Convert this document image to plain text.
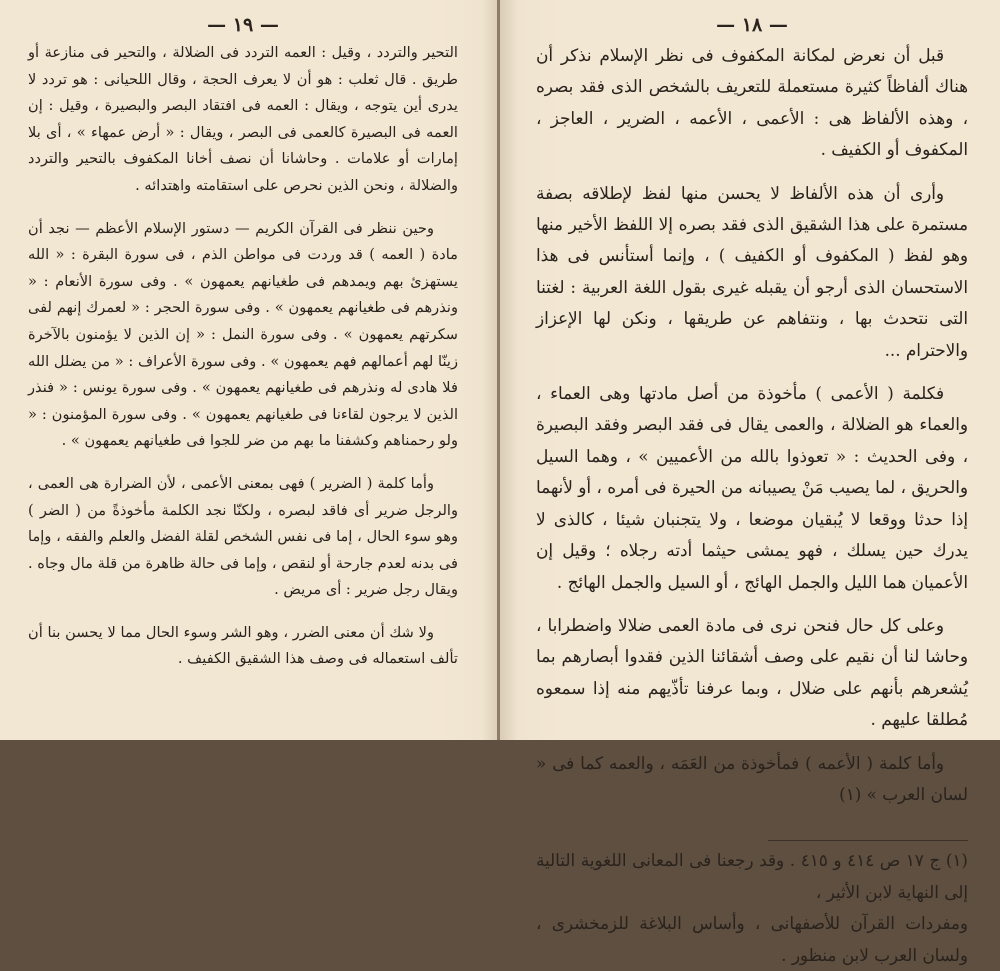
— ١٩ —

التحير والتردد ، وقيل : العمه التردد فى الضلالة ، والتحير فى منازعة أو طريق . قال ثعلب : هو أن لا يعرف الحجة ، وقال اللحيانى : هو تردد لا يدرى أين يتوجه ، ويقال : العمه فى افتقاد البصر والبصيرة ، وقيل : إن العمه فى البصيرة كالعمى فى البصر ، ويقال : « أرض عمهاء » ، أى بلا إمارات أو علامات . وحاشانا أن نصف أخانا المكفوف بالتحير والتردد والضلالة ، ونحن الذين نحرص على استقامته واهتدائه .

وحين ننظر فى القرآن الكريم — دستور الإسلام الأعظم — نجد أن مادة ( العمه ) قد وردت فى مواطن الذم ، فى سورة البقرة : « الله يستهزئ بهم ويمدهم فى طغيانهم يعمهون » . وفى سورة الأنعام : « ونذرهم فى طغيانهم يعمهون » . وفى سورة الحجر : « لعمرك إنهم لفى سكرتهم يعمهون » . وفى سورة النمل : « إن الذين لا يؤمنون بالآخرة زينّا لهم أعمالهم فهم يعمهون » . وفى سورة الأعراف : « من يضلل الله فلا هادى له ونذرهم فى طغيانهم يعمهون » . وفى سورة يونس : « فنذر الذين لا يرجون لقاءنا فى طغيانهم يعمهون » . وفى سورة المؤمنون : « ولو رحمناهم وكشفنا ما بهم من ضر للجوا فى طغيانهم يعمهون » .

وأما كلمة ( الضرير ) فهى بمعنى الأعمى ، لأن الضرارة هى العمى ، والرجل ضرير أى فاقد لبصره ، ولكنّا نجد الكلمة مأخوذةً من ( الضر ) وهو سوء الحال ، إما فى نفس الشخص لقلة الفضل والعلم والفقه ، وإما فى بدنه لعدم جارحة أو لنقص ، وإما فى حالة ظاهرة من قلة مال وجاه . ويقال رجل ضرير : أى مريض .

ولا شك أن معنى الضرر ، وهو الشر وسوء الحال مما لا يحسن بنا أن تألف استعماله فى وصف هذا الشقيق الكفيف .

— ١٨ —

قبل أن نعرض لمكانة المكفوف فى نظر الإسلام نذكر أن هناك ألفاظاً كثيرة مستعملة للتعريف بالشخص الذى فقد بصره ، وهذه الألفاظ هى : الأعمى ، الأعمه ، الضرير ، العاجز ، المكفوف أو الكفيف .

وأرى أن هذه الألفاظ لا يحسن منها لفظ لإطلاقه بصفة مستمرة على هذا الشقيق الذى فقد بصره إلا اللفظ الأخير منها وهو لفظ ( المكفوف أو الكفيف ) ، وإنما أستأنس فى هذا الاستحسان الذى أرجو أن يقبله غيرى بقول اللغة العربية : لغتنا التى نتحدث بها ، ونتفاهم عن طريقها ، ونكن لها الإعزاز والاحترام ...

فكلمة ( الأعمى ) مأخوذة من أصل مادتها وهى العماء ، والعماء هو الضلالة ، والعمى يقال فى فقد البصر وفقد البصيرة ، وفى الحديث : « تعوذوا بالله من الأعميين » ، وهما السيل والحريق ، لما يصيب مَنْ يصيبانه من الحيرة فى أمره ، أو لأنهما إذا حدثا ووقعا لا يُبقيان موضعا ، ولا يتجنبان شيئا ، كالذى لا يدرك حين يسلك ، فهو يمشى حيثما أدته رجلاه ؛ وقيل إن الأعميان هما الليل والجمل الهائج ، أو السيل والجمل الهائج .

وعلى كل حال فنحن نرى فى مادة العمى ضلالا واضطرابا ، وحاشا لنا أن نقيم على وصف أشقائنا الذين فقدوا أبصارهم بما يُشعرهم بأنهم على ضلال ، وبما عرفنا تأذّيهم منه إذا سمعوه مُطلقا عليهم .

وأما كلمة ( الأعمه ) فمأخوذة من العَمَه ، والعمه كما فى « لسان العرب » (١)

(١) ج ١٧ ص ٤١٤ و ٤١٥ . وقد رجعنا فى المعانى اللغوية التالية إلى النهاية لابن الأثير ،

ومفردات القرآن للأصفهانى ، وأساس البلاغة للزمخشرى ، ولسان العرب لابن منظور .
